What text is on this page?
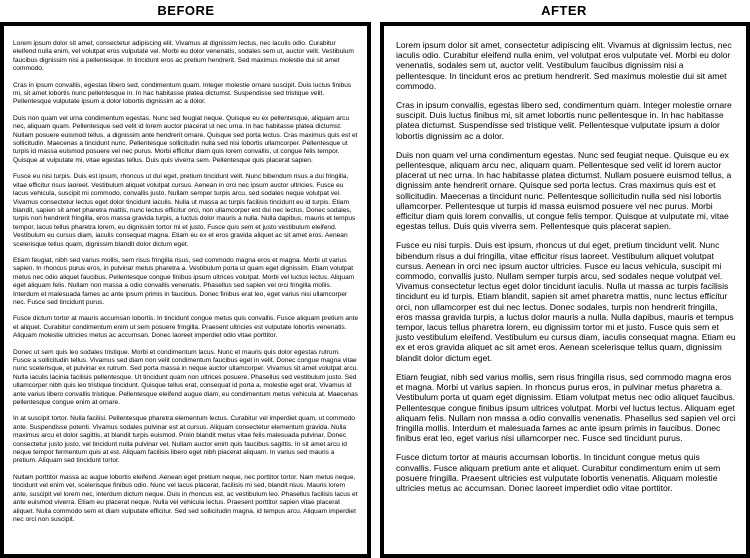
BEFORE	AFTER

Lorem ipsum dolor sit amet, consectetur adipiscing elit. Vivamus at dignissim lectus, nec iaculis odio. Curabitur eleifend nulla enim, vel volutpat eros vulputate vel. Morbi eu dolor venenatis, sodales sem ut, auctor velit. Vestibulum faucibus dignissim nisi a pellentesque. In tincidunt eros ac pretium hendrerit. Sed maximus molestie dui sit amet commodo.

Cras in ipsum convallis, egestas libero sed, condimentum quam. Integer molestie ornare suscipit. Duis luctus finibus mi, sit amet lobortis nunc pellentesque in. In hac habitasse platea dictumst. Suspendisse sed tristique velit. Pellentesque vulputate ipsum a dolor lobortis dignissim ac a dolor.

Duis non quam vel urna condimentum egestas. Nunc sed feugiat neque. Quisque eu ex pellentesque, aliquam arcu nec, aliquam quam. Pellentesque sed velit id lorem auctor placerat ut nec urna. In hac habitasse platea dictumst. Nullam posuere euismod tellus, a dignissim ante hendrerit ornare. Quisque sed porta lectus. Cras maximus quis est et sollicitudin. Maecenas a tincidunt nunc. Pellentesque sollicitudin nulla sed nisi lobortis ullamcorper. Pellentesque ut turpis id massa euismod posuere vel nec purus. Morbi efficitur diam quis lorem convallis, ut congue felis tempor. Quisque at vulputate mi, vitae egestas tellus. Duis quis viverra sem. Pellentesque quis placerat sapien.

Fusce eu nisi turpis. Duis est ipsum, rhoncus ut dui eget, pretium tincidunt velit. Nunc bibendum risus a dui fringilla, vitae efficitur risus laoreet. Vestibulum aliquet volutpat cursus. Aenean in orci nec ipsum auctor ultricies. Fusce eu lacus vehicula, suscipit mi commodo, convallis justo. Nullam semper turpis arcu, sed sodales neque volutpat vel. Vivamus consectetur lectus eget dolor tincidunt iaculis. Nulla ut massa ac turpis facilisis tincidunt eu id turpis. Etiam blandit, sapien sit amet pharetra mattis, nunc lectus efficitur orci, non ullamcorper est dui nec lectus. Donec sodales, turpis non hendrerit fringilla, eros massa gravida turpis, a luctus dolor mauris a nulla. Nulla dapibus, mauris et tempus tempor, lacus tellus pharetra lorem, eu dignissim tortor mi et justo. Fusce quis sem et justo vestibulum eleifend. Vestibulum eu cursus diam, iaculis consequat magna. Etiam eu ex et eros gravida aliquet ac sit amet eros. Aenean scelerisque tellus quam, dignissim blandit dolor dictum eget.

Etiam feugiat, nibh sed varius mollis, sem risus fringilla risus, sed commodo magna eros et magna. Morbi ut varius sapien. In rhoncus purus eros, in pulvinar metus pharetra a. Vestibulum porta ut quam eget dignissim. Etiam volutpat metus nec odio aliquet faucibus. Pellentesque congue finibus ipsum ultrices volutpat. Morbi vel luctus lectus. Aliquam eget aliquam felis. Nullam non massa a odio convallis venenatis. Phasellus sed sapien vel orci fringilla mollis. Interdum et malesuada fames ac ante ipsum primis in faucibus. Donec finibus erat leo, eget varius nisi ullamcorper nec. Fusce sed tincidunt purus.

Fusce dictum tortor at mauris accumsan lobortis. In tincidunt congue metus quis convallis. Fusce aliquam pretium ante et aliquet. Curabitur condimentum enim ut sem posuere fringilla. Praesent ultricies est vulputate lobortis venenatis. Aliquam molestie ultricies metus ac accumsan. Donec laoreet imperdiet odio vitae porttitor.

Donec ut sem quis leo sodales tristique. Morbi et condimentum lacus. Nunc et mauris quis dolor egestas rutrum. Fusce a sollicitudin tellus. Vivamus sed diam non velit condimentum faucibus eget in velit. Donec congue magna vitae nunc scelerisque, et pulvinar ex rutrum. Sed porta massa in neque auctor ullamcorper. Vivamus sit amet volutpat arcu. Nulla iaculis lacinia facilisis pellentesque. Ut tincidunt quam non ultrices posuere. Phasellus sed vestibulum justo. Sed ullamcorper nibh quis leo tristique tincidunt. Quisque tellus erat, consequat id porta a, molestie eget erat. Vivamus id ante varius libero convallis tristique. Pellentesque eleifend augue diam, eu condimentum metus vehicula at. Maecenas pellentesque congue enim at ornare.

In at suscipit tortor. Nulla facilisi. Pellentesque pharetra elementum lectus. Curabitur vel imperdiet quam, ut commodo ante. Suspendisse potenti. Vivamus sodales pulvinar est at cursus. Aliquam consectetur elementum gravida. Nulla maximus arcu et dolor sagittis, at blandit turpis euismod. Proin blandit metus vitae felis malesuada pulvinar. Donec consectetur justo justo, vel tincidunt nulla pulvinar vel. Nullam auctor enim quis faucibus sagittis. In sit amet arcu id neque tempor fermentum quis at est. Aliquam facilisis libero eget nibh placerat aliquam. In varius sed mauris a pretium. Aliquam sed tincidunt tortor.

Nullam porttitor massa ac augue lobortis eleifend. Aenean eget pretium neque, nec porttitor tortor. Nam metus neque, tincidunt vel enim vel, scelerisque finibus odio. Nunc vel lacus placerat, facilisis mi sed, blandit risus. Mauris lorem ante, suscipit vel lorem nec, interdum dictum neque. Duis in rhoncus est, ac vestibulum leo. Phasellus facilisis lacus et ante euismod viverra. Etiam eu placerat neque. Nulla vel vehicula lectus. Praesent porttitor sapien vitae placerat aliquet. Nulla commodo sem et diam vulputate efficitur. Sed sed sollicitudin magna, id tempus arcu. Aliquam imperdiet nec orci non suscipit.

Lorem ipsum dolor sit amet, consectetur adipiscing elit. Vivamus at dignissim lectus, nec iaculis odio. Curabitur eleifend nulla enim, vel volutpat eros vulputate vel. Morbi eu dolor venenatis, sodales sem ut, auctor velit. Vestibulum faucibus dignissim nisi a pellentesque. In tincidunt eros ac pretium hendrerit. Sed maximus molestie dui sit amet commodo.

Cras in ipsum convallis, egestas libero sed, condimentum quam. Integer molestie ornare suscipit. Duis luctus finibus mi, sit amet lobortis nunc pellentesque in. In hac habitasse platea dictumst. Suspendisse sed tristique velit. Pellentesque vulputate ipsum a dolor lobortis dignissim ac a dolor.

Duis non quam vel urna condimentum egestas. Nunc sed feugiat neque. Quisque eu ex pellentesque, aliquam arcu nec, aliquam quam. Pellentesque sed velit id lorem auctor placerat ut nec urna. In hac habitasse platea dictumst. Nullam posuere euismod tellus, a dignissim ante hendrerit ornare. Quisque sed porta lectus. Cras maximus quis est et sollicitudin. Maecenas a tincidunt nunc. Pellentesque sollicitudin nulla sed nisi lobortis ullamcorper. Pellentesque ut turpis id massa euismod posuere vel nec purus. Morbi efficitur diam quis lorem convallis, ut congue felis tempor. Quisque at vulputate mi, vitae egestas tellus. Duis quis viverra sem. Pellentesque quis placerat sapien.

Fusce eu nisi turpis. Duis est ipsum, rhoncus ut dui eget, pretium tincidunt velit. Nunc bibendum risus a dui fringilla, vitae efficitur risus laoreet. Vestibulum aliquet volutpat cursus. Aenean in orci nec ipsum auctor ultricies. Fusce eu lacus vehicula, suscipit mi commodo, convallis justo. Nullam semper turpis arcu, sed sodales neque volutpat vel. Vivamus consectetur lectus eget dolor tincidunt iaculis. Nulla ut massa ac turpis facilisis tincidunt eu id turpis. Etiam blandit, sapien sit amet pharetra mattis, nunc lectus efficitur orci, non ullamcorper est dui nec lectus. Donec sodales, turpis non hendrerit fringilla, eros massa gravida turpis, a luctus dolor mauris a nulla. Nulla dapibus, mauris et tempus tempor, lacus tellus pharetra lorem, eu dignissim tortor mi et justo. Fusce quis sem et justo vestibulum eleifend. Vestibulum eu cursus diam, iaculis consequat magna. Etiam eu ex et eros gravida aliquet ac sit amet eros. Aenean scelerisque tellus quam, dignissim blandit dolor dictum eget.

Etiam feugiat, nibh sed varius mollis, sem risus fringilla risus, sed commodo magna eros et magna. Morbi ut varius sapien. In rhoncus purus eros, in pulvinar metus pharetra a. Vestibulum porta ut quam eget dignissim. Etiam volutpat metus nec odio aliquet faucibus. Pellentesque congue finibus ipsum ultrices volutpat. Morbi vel luctus lectus. Aliquam eget aliquam felis. Nullam non massa a odio convallis venenatis. Phasellus sed sapien vel orci fringilla mollis. Interdum et malesuada fames ac ante ipsum primis in faucibus. Donec finibus erat leo, eget varius nisi ullamcorper nec. Fusce sed tincidunt purus.

Fusce dictum tortor at mauris accumsan lobortis. In tincidunt congue metus quis convallis. Fusce aliquam pretium ante et aliquet. Curabitur condimentum enim ut sem posuere fringilla. Praesent ultricies est vulputate lobortis venenatis. Aliquam molestie ultricies metus ac accumsan. Donec laoreet imperdiet odio vitae porttitor.
